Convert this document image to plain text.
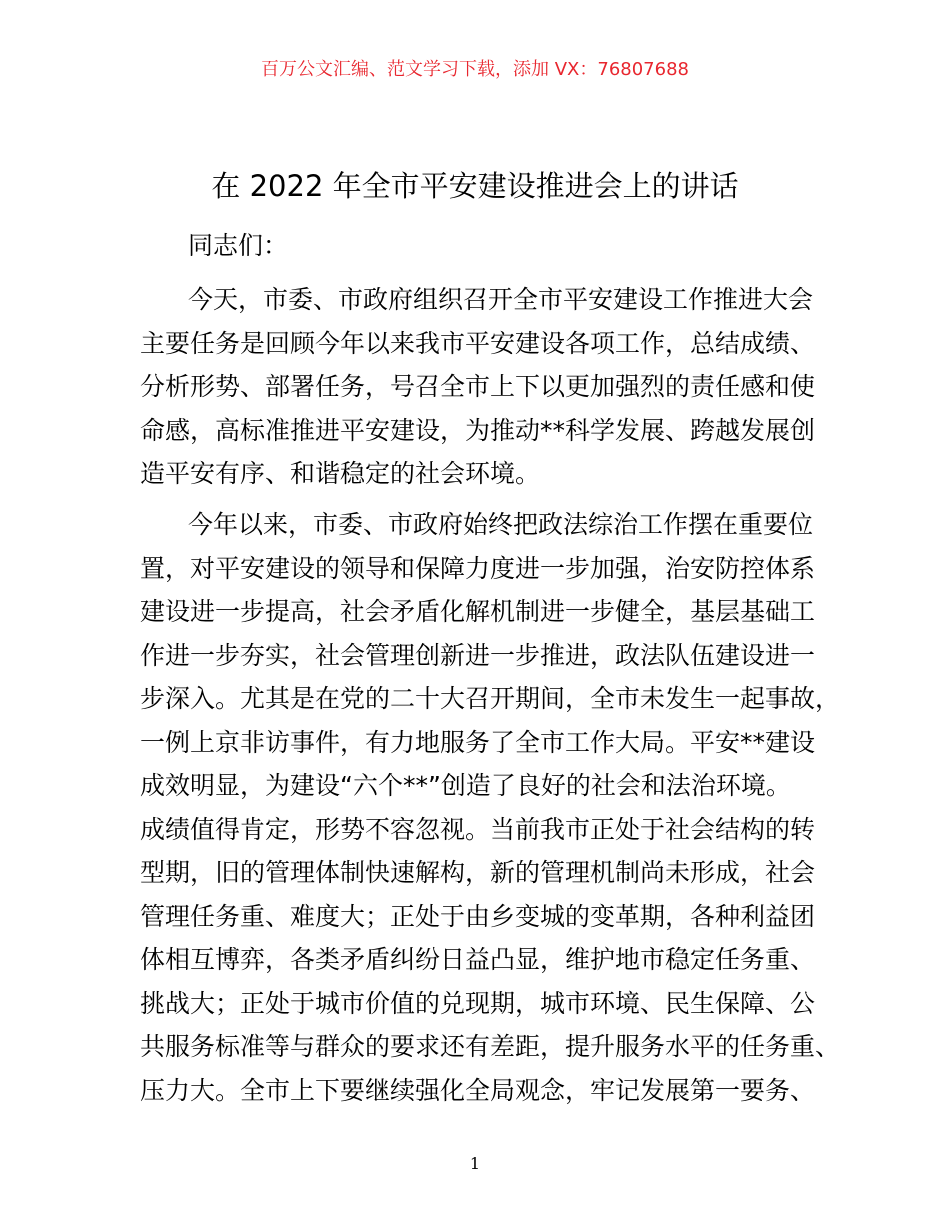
百万公文汇编、范文学习下载，添加 VX：76807688
在 2022 年全市平安建设推进会上的讲话
同志们：
今天，市委、市政府组织召开全市平安建设工作推进大会
主要任务是回顾今年以来我市平安建设各项工作，总结成绩、
分析形势、部署任务，号召全市上下以更加强烈的责任感和使
命感，高标准推进平安建设，为推动**科学发展、跨越发展创
造平安有序、和谐稳定的社会环境。
今年以来，市委、市政府始终把政法综治工作摆在重要位
置，对平安建设的领导和保障力度进一步加强，治安防控体系
建设进一步提高，社会矛盾化解机制进一步健全，基层基础工
作进一步夯实，社会管理创新进一步推进，政法队伍建设进一
步深入。尤其是在党的二十大召开期间，全市未发生一起事故，
一例上京非访事件，有力地服务了全市工作大局。平安**建设
成效明显，为建设“六个**”创造了良好的社会和法治环境。
成绩值得肯定，形势不容忽视。当前我市正处于社会结构的转
型期，旧的管理体制快速解构，新的管理机制尚未形成，社会
管理任务重、难度大；正处于由乡变城的变革期，各种利益团
体相互博弈，各类矛盾纠纷日益凸显，维护地市稳定任务重、
挑战大；正处于城市价值的兑现期，城市环境、民生保障、公
共服务标准等与群众的要求还有差距，提升服务水平的任务重、
压力大。全市上下要继续强化全局观念，牢记发展第一要务、
1
